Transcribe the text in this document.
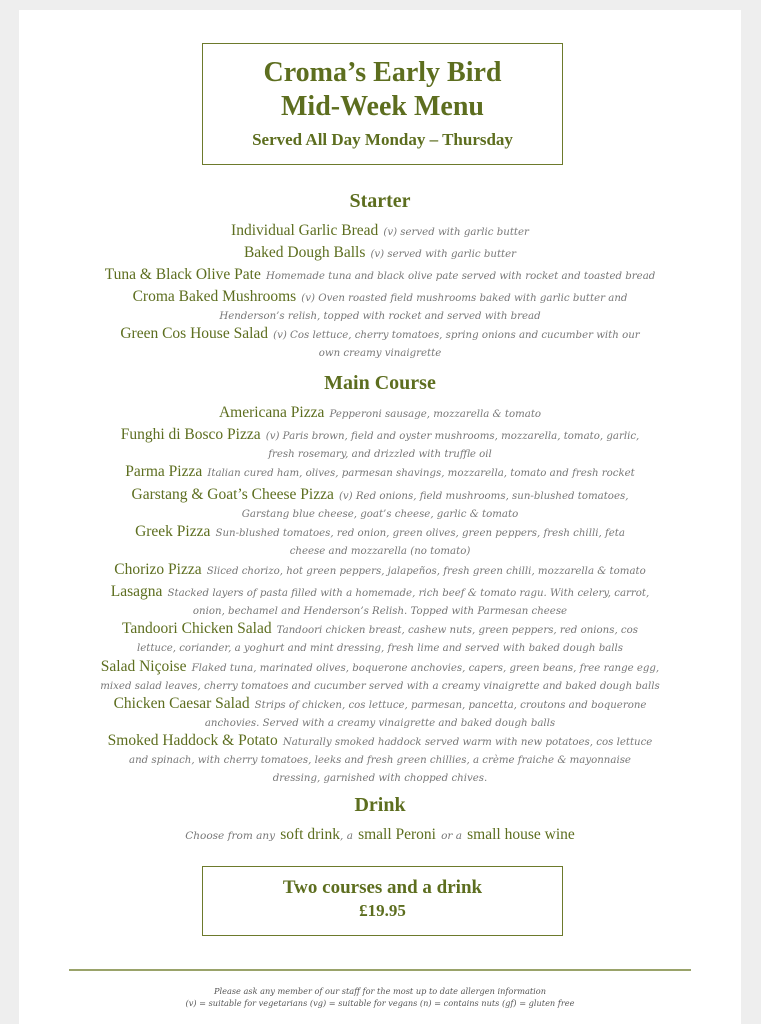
Croma’s Early Bird
Mid-Week Menu
Served All Day Monday – Thursday
Starter
Individual Garlic Bread (v) served with garlic butter
Baked Dough Balls (v) served with garlic butter
Tuna & Black Olive Pate Homemade tuna and black olive pate served with rocket and toasted bread
Croma Baked Mushrooms (v) Oven roasted field mushrooms baked with garlic butter and Henderson’s relish, topped with rocket and served with bread
Green Cos House Salad (v) Cos lettuce, cherry tomatoes, spring onions and cucumber with our own creamy vinaigrette
Main Course
Americana Pizza Pepperoni sausage, mozzarella & tomato
Funghi di Bosco Pizza (v) Paris brown, field and oyster mushrooms, mozzarella, tomato, garlic, fresh rosemary, and drizzled with truffle oil
Parma Pizza Italian cured ham, olives, parmesan shavings, mozzarella, tomato and fresh rocket
Garstang & Goat’s Cheese Pizza (v) Red onions, field mushrooms, sun-blushed tomatoes, Garstang blue cheese, goat’s cheese, garlic & tomato
Greek Pizza Sun-blushed tomatoes, red onion, green olives, green peppers, fresh chilli, feta cheese and mozzarella (no tomato)
Chorizo Pizza Sliced chorizo, hot green peppers, jalapeños, fresh green chilli, mozzarella & tomato
Lasagna Stacked layers of pasta filled with a homemade, rich beef & tomato ragu. With celery, carrot, onion, bechamel and Henderson’s Relish. Topped with Parmesan cheese
Tandoori Chicken Salad Tandoori chicken breast, cashew nuts, green peppers, red onions, cos lettuce, coriander, a yoghurt and mint dressing, fresh lime and served with baked dough balls
Salad Niçoise Flaked tuna, marinated olives, boquerone anchovies, capers, green beans, free range egg, mixed salad leaves, cherry tomatoes and cucumber served with a creamy vinaigrette and baked dough balls
Chicken Caesar Salad Strips of chicken, cos lettuce, parmesan, pancetta, croutons and boquerone anchovies. Served with a creamy vinaigrette and baked dough balls
Smoked Haddock & Potato Naturally smoked haddock served warm with new potatoes, cos lettuce and spinach, with cherry tomatoes, leeks and fresh green chillies, a crème fraiche & mayonnaise dressing, garnished with chopped chives.
Drink
Choose from any soft drink, a small Peroni or a small house wine
Two courses and a drink
£19.95
Please ask any member of our staff for the most up to date allergen information
(v) = suitable for vegetarians (vg) = suitable for vegans (n) = contains nuts (gf) = gluten free
